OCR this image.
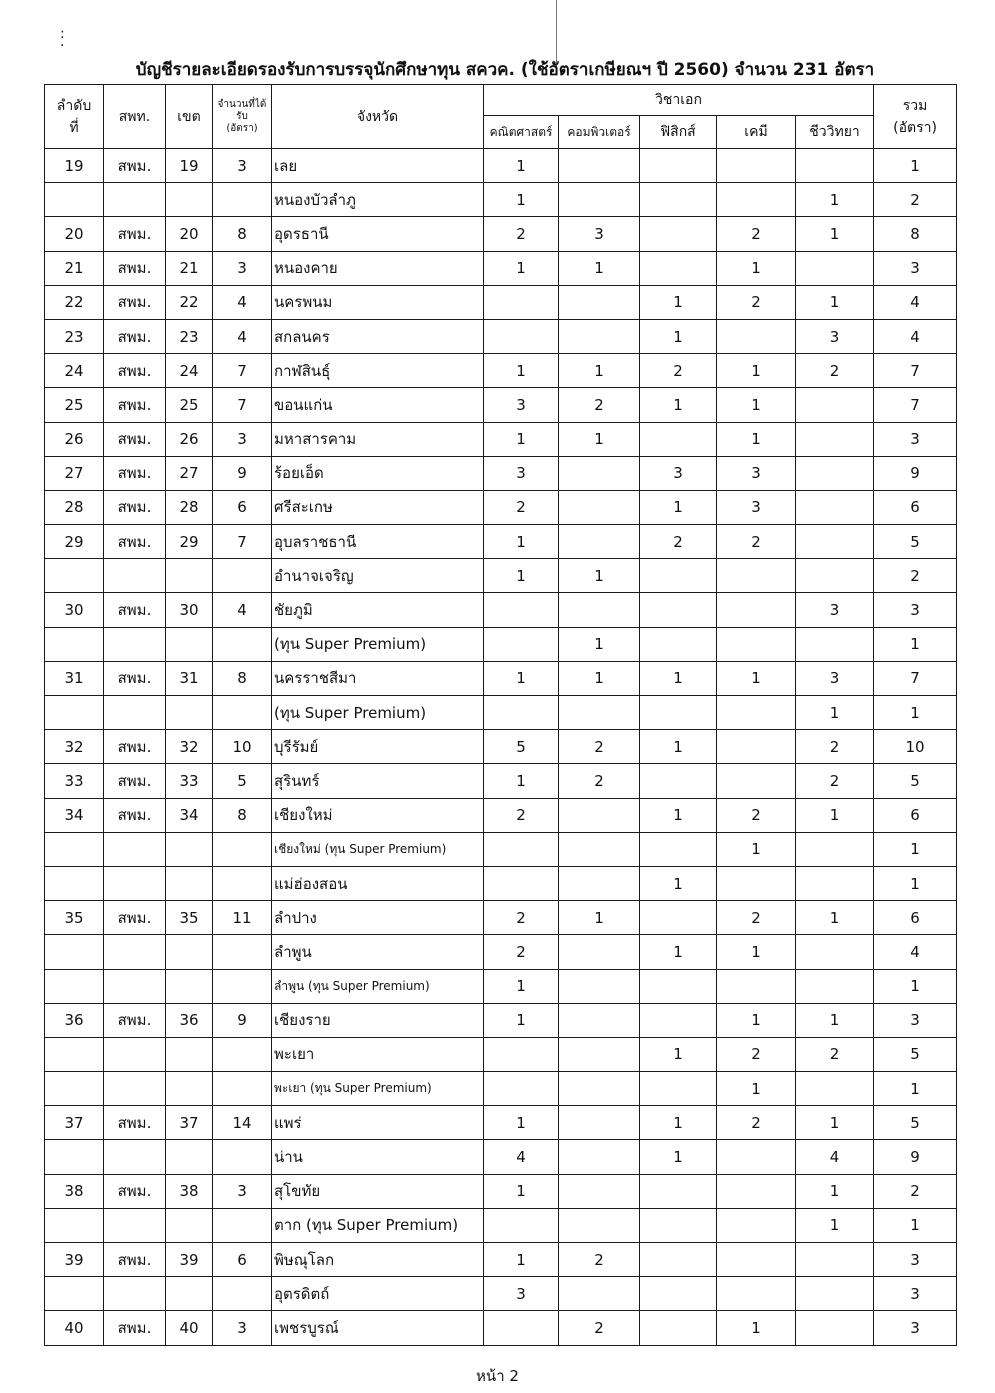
:
·
บัญชีรายละเอียดรองรับการบรรจุนักศึกษาทุน สควค. (ใช้อัตราเกษียณฯ ปี 2560) จำนวน 231 อัตรา
ลำดับ
ที่	สพท.	เขต	จำนวนที่ได้รับ
(อัตรา)	จังหวัด	วิชาเอก					รวม
(อัตรา)
					คณิตศาสตร์	คอมพิวเตอร์	ฟิสิกส์	เคมี	ชีววิทยา	
19	สพม.	19	3	เลย	1					1
				หนองบัวลำภู	1				1	2
20	สพม.	20	8	อุดรธานี	2	3		2	1	8
21	สพม.	21	3	หนองคาย	1	1		1		3
22	สพม.	22	4	นครพนม			1	2	1	4
23	สพม.	23	4	สกลนคร			1		3	4
24	สพม.	24	7	กาฬสินธุ์	1	1	2	1	2	7
25	สพม.	25	7	ขอนแก่น	3	2	1	1		7
26	สพม.	26	3	มหาสารคาม	1	1		1		3
27	สพม.	27	9	ร้อยเอ็ด	3		3	3		9
28	สพม.	28	6	ศรีสะเกษ	2		1	3		6
29	สพม.	29	7	อุบลราชธานี	1		2	2		5
				อำนาจเจริญ	1	1				2
30	สพม.	30	4	ชัยภูมิ					3	3
				(ทุน Super Premium)		1				1
31	สพม.	31	8	นครราชสีมา	1	1	1	1	3	7
				(ทุน Super Premium)					1	1
32	สพม.	32	10	บุรีรัมย์	5	2	1		2	10
33	สพม.	33	5	สุรินทร์	1	2			2	5
34	สพม.	34	8	เชียงใหม่	2		1	2	1	6
				เชียงใหม่ (ทุน Super Premium)				1		1
				แม่ฮ่องสอน			1			1
35	สพม.	35	11	ลำปาง	2	1		2	1	6
				ลำพูน	2		1	1		4
				ลำพูน (ทุน Super Premium)	1					1
36	สพม.	36	9	เชียงราย	1			1	1	3
				พะเยา			1	2	2	5
				พะเยา (ทุน Super Premium)				1		1
37	สพม.	37	14	แพร่	1		1	2	1	5
				น่าน	4		1		4	9
38	สพม.	38	3	สุโขทัย	1				1	2
				ตาก (ทุน Super Premium)					1	1
39	สพม.	39	6	พิษณุโลก	1	2				3
				อุตรดิตถ์	3					3
40	สพม.	40	3	เพชรบูรณ์		2		1		3
หน้า 2
